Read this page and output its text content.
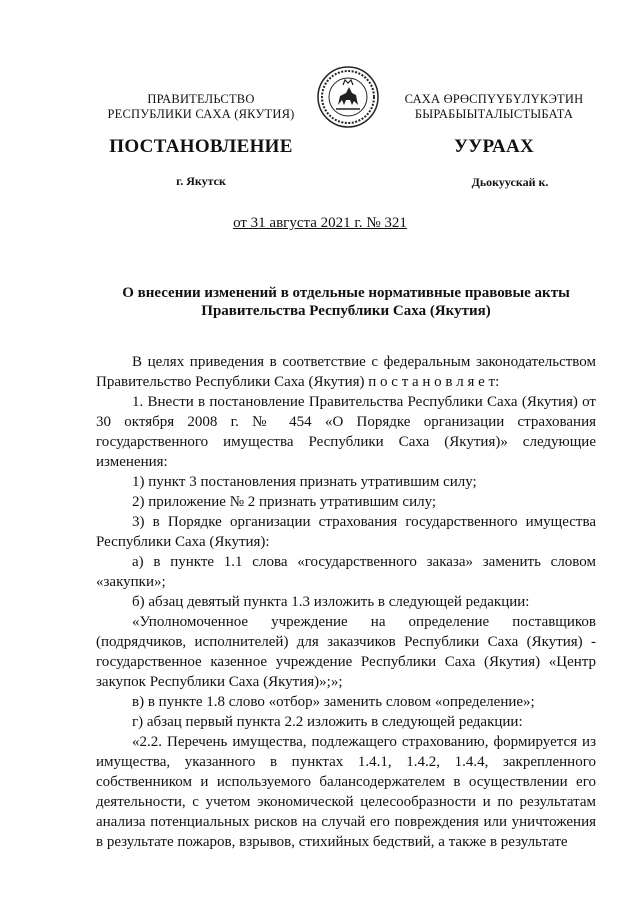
ПРАВИТЕЛЬСТВО
РЕСПУБЛИКИ САХА (ЯКУТИЯ)
САХА ӨРӨСПҮҮБҮЛҮКЭТИН
БЫРАБЫЫТАЛЫСТЫБАТА
ПОСТАНОВЛЕНИЕ	УУРААХ
г. Якутск	Дьокуускай к.
от 31 августа 2021 г. № 321
О внесении изменений в отдельные нормативные правовые акты
Правительства Республики Саха (Якутия)

В целях приведения в соответствие с федеральным законодательством Правительство Республики Саха (Якутия) п о с т а н о в л я е т:

1. Внести в постановление Правительства Республики Саха (Якутия) от 30 октября 2008 г. № 454 «О Порядке организации страхования государственного имущества Республики Саха (Якутия)» следующие изменения:

1) пункт 3 постановления признать утратившим силу;

2) приложение № 2 признать утратившим силу;

3) в Порядке организации страхования государственного имущества Республики Саха (Якутия):

а) в пункте 1.1 слова «государственного заказа» заменить словом «закупки»;

б) абзац девятый пункта 1.3 изложить в следующей редакции:

«Уполномоченное учреждение на определение поставщиков (подрядчиков, исполнителей) для заказчиков Республики Саха (Якутия) - государственное казенное учреждение Республики Саха (Якутия) «Центр закупок Республики Саха (Якутия)»;»;

в) в пункте 1.8 слово «отбор» заменить словом «определение»;

г) абзац первый пункта 2.2 изложить в следующей редакции:

«2.2. Перечень имущества, подлежащего страхованию, формируется из имущества, указанного в пунктах 1.4.1, 1.4.2, 1.4.4, закрепленного собственником и используемого балансодержателем в осуществлении его деятельности, с учетом экономической целесообразности и по результатам анализа потенциальных рисков на случай его повреждения или уничтожения в результате пожаров, взрывов, стихийных бедствий, а также в результате
